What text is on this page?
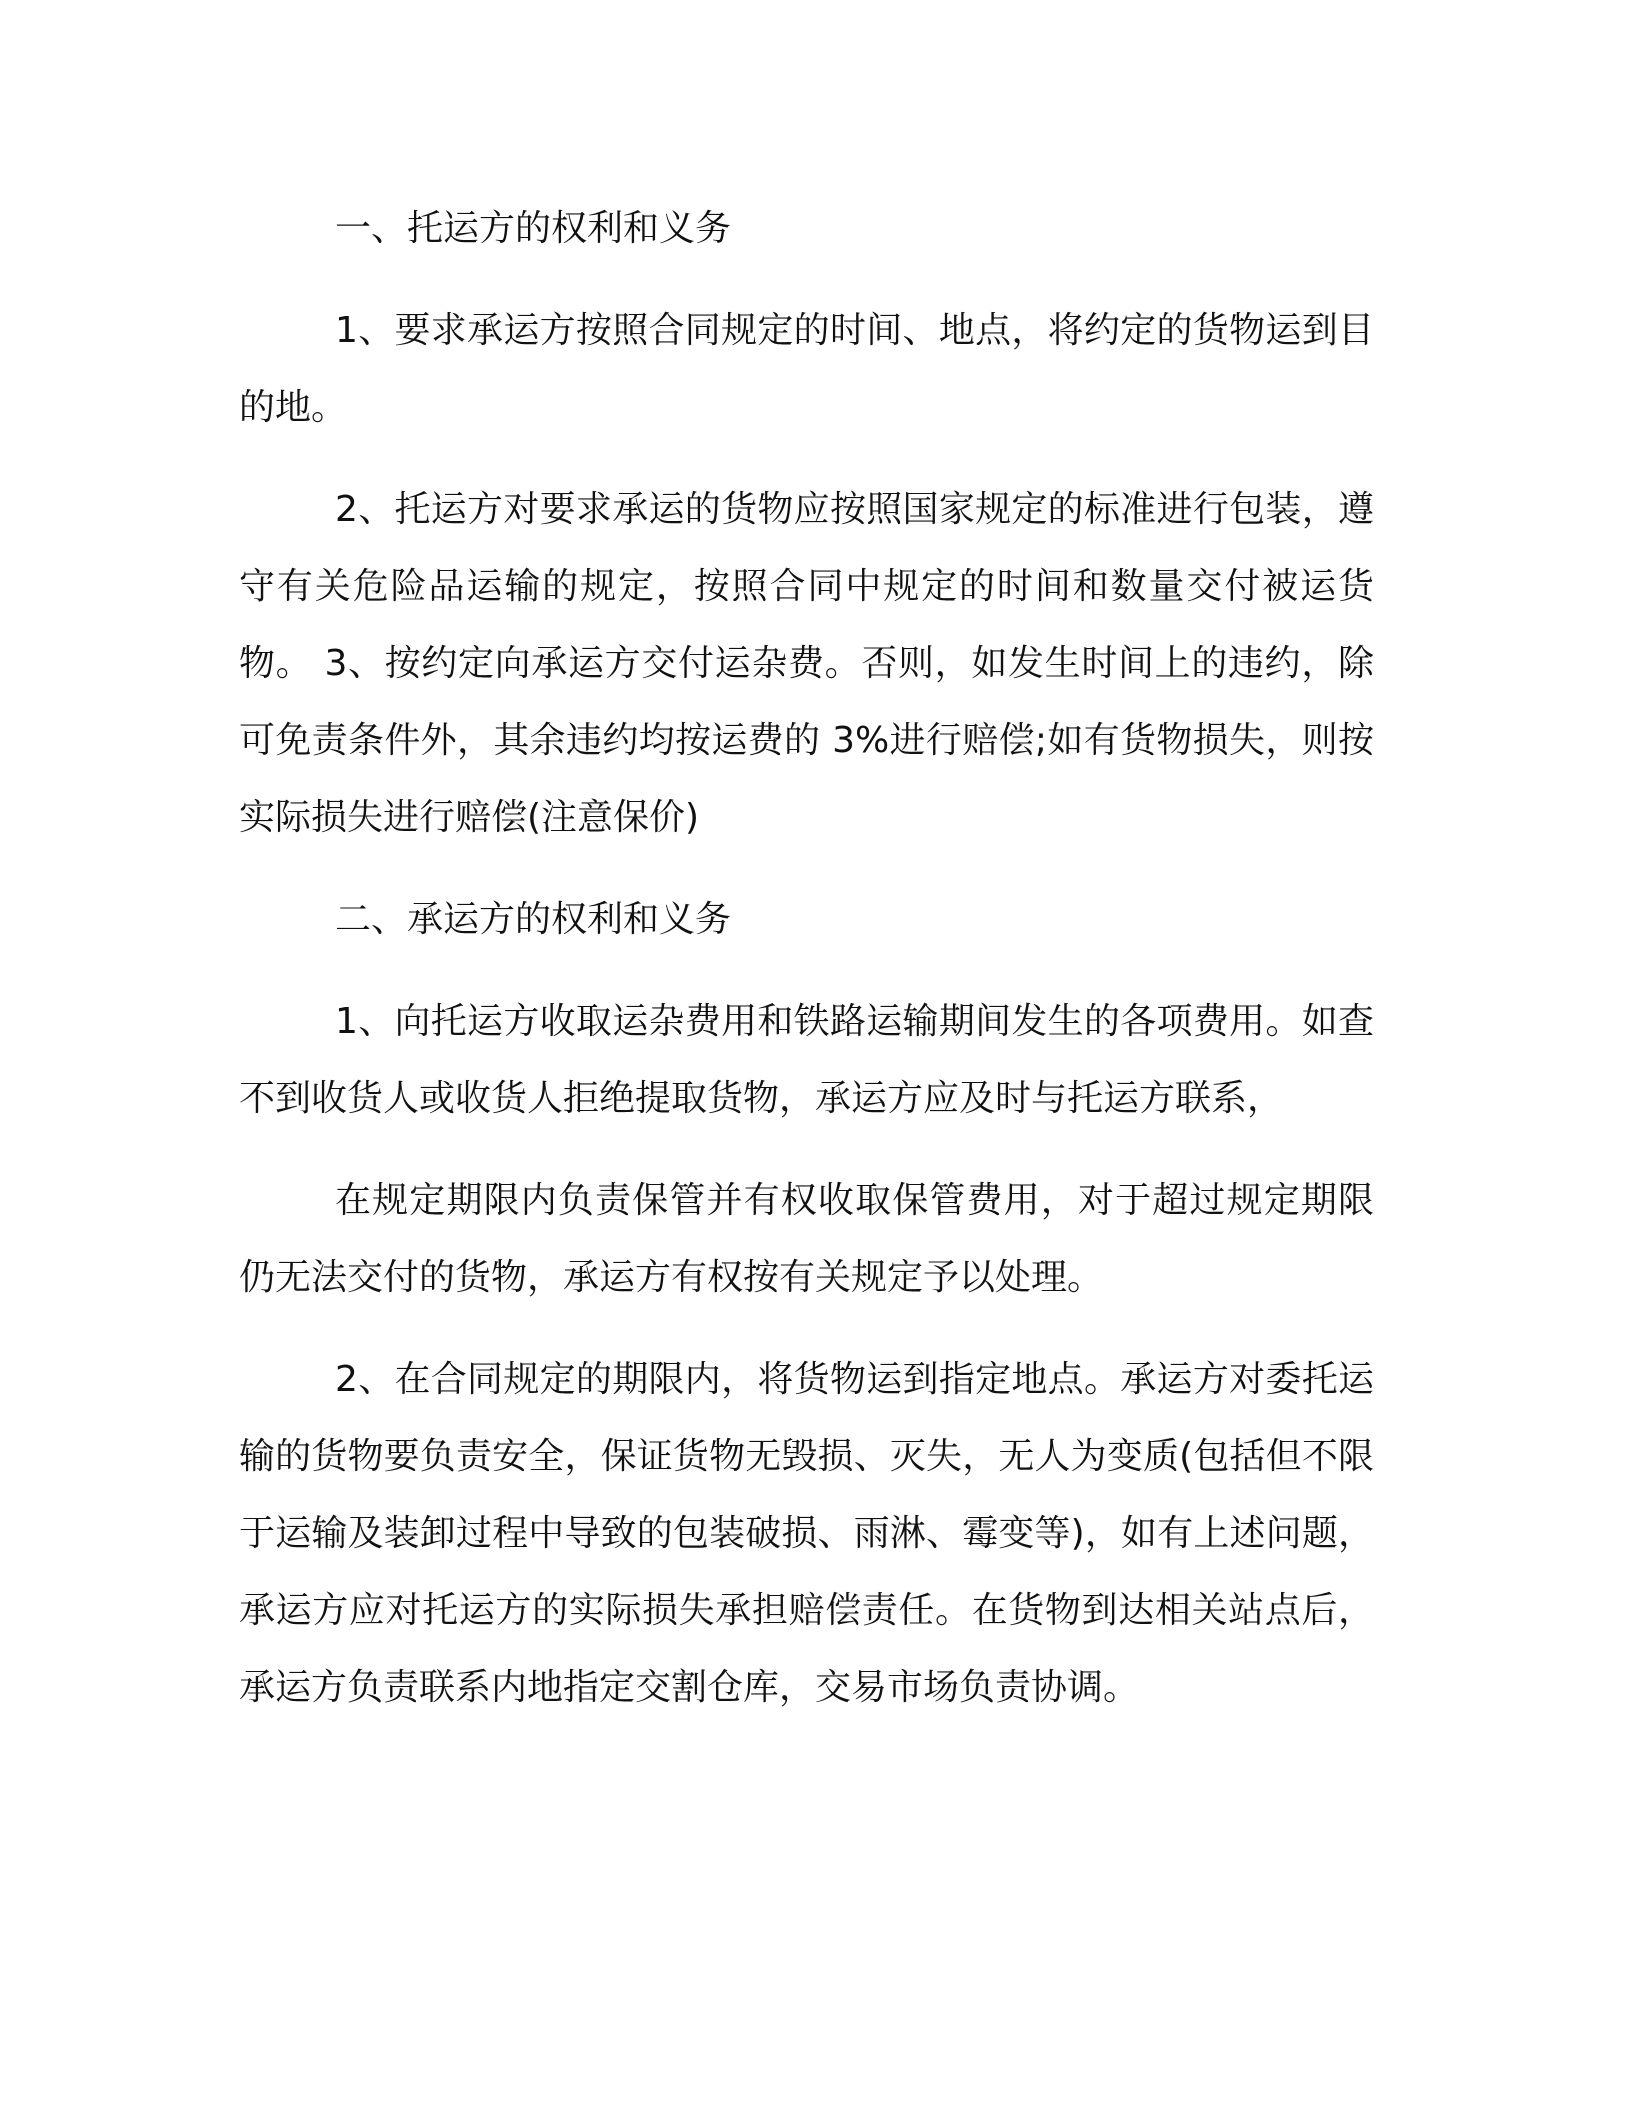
一、托运方的权利和义务

1、要求承运方按照合同规定的时间、地点，将约定的货物运到目的地。

2、托运方对要求承运的货物应按照国家规定的标准进行包装，遵守有关危险品运输的规定，按照合同中规定的时间和数量交付被运货物。 3、按约定向承运方交付运杂费。否则，如发生时间上的违约，除可免责条件外，其余违约均按运费的 3%进行赔偿;如有货物损失，则按实际损失进行赔偿(注意保价)

二、承运方的权利和义务

1、向托运方收取运杂费用和铁路运输期间发生的各项费用。如查不到收货人或收货人拒绝提取货物，承运方应及时与托运方联系，

在规定期限内负责保管并有权收取保管费用，对于超过规定期限仍无法交付的货物，承运方有权按有关规定予以处理。

2、在合同规定的期限内，将货物运到指定地点。承运方对委托运输的货物要负责安全，保证货物无毁损、灭失，无人为变质(包括但不限于运输及装卸过程中导致的包装破损、雨淋、霉变等)，如有上述问题，承运方应对托运方的实际损失承担赔偿责任。在货物到达相关站点后，承运方负责联系内地指定交割仓库，交易市场负责协调。
